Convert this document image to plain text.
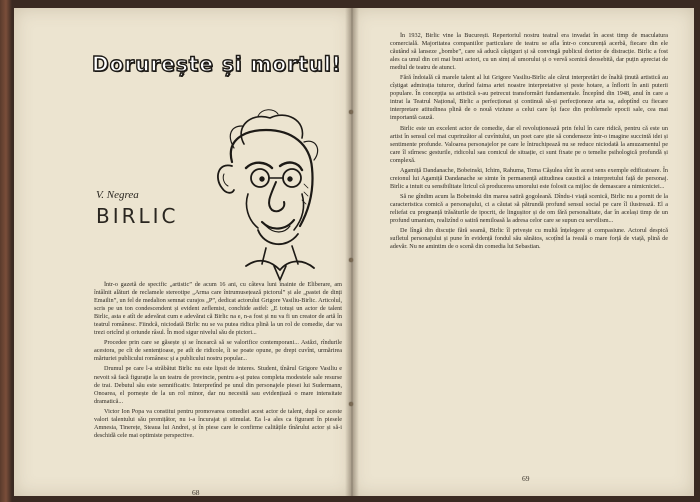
Dorurește și mortul!
V. Negrea
BIRLIC

Într-o gazetă de specific „artistic” de acum 16 ani, cu câteva luni înainte de Eliberare, am întâlnit alături de reclamele stereotipe „Arma care întrumusețează pictorul” și ale „pastei de dinți Emailin”, un fel de medalion semnat curajos „P”, dedicat actorului Grigore Vasiliu-Birlic. Articolul, scris pe un ton condescendent și evident zeflemist, conchide astfel: „E totuși un actor de talent Birlic, asta e atît de adevărat cum e adevărat că Birlic na e, n-a fost și nu va fi un creator de artă în teatrul românesc. Fiindcă, niciodată Birlic nu se va putea ridica plină la un rol de comedie, dar va trezi oricînd și oriunde râsul. În mod sigur nivelul său de pictori...

Procedee prin care se găsește și se încearcă să se valorifice contemporani... Astăzi, rîndurile acestora, pe cît de sentențioase, pe atît de ridicole, îi se poate opune, pe drept cuvînt, urmărirea mărturiei publicului românesc și a publicului nostru popular...

Drumul pe care l-a străbătut Birlic nu este lipsit de interes. Student, tînărul Grigore Vasiliu e nevoit să facă figurație la un teatru de provincie, pentru a-și putea completa modestele sale resurse de trai. Debutul său este semnificativ. Interpretînd pe unul din personajele piesei lui Sudermann, Onoarea, el pornește de la un rol minor, dar nu necesită sau evidențiază o mare intensitate dramatică...

Victor Ion Popa va constitui pentru promovarea comediei acest actor de talent, după ce aceste valori talentului său promițător, nu i-a încurajat și stimulat. Ea l-a ales ca figurant în piesele Amnesia, Tinerețe, Steaua lui Andrei, și în piese care le confirme calitățile tînărului actor și să-i deschidă cele mai optimiste perspective.

68

În 1932, Birlic vine la București. Repertoriul nostru teatral era invadat în acest timp de maculatura comercială. Majoritatea companiilor particulare de teatru se afla într-o concurență acerbă, fiecare din ele căutând să lanseze „bombe”, care să aducă câștiguri și să convingă publicul doritor de distracție. Birlic a fost ales ca unul din cei mai buni actori, cu un simț al umorului și o vervă scenică deosebită, dar puțin apreciat de mediul de teatru de atunci.

Fără îndoială că marele talent al lui Grigore Vasiliu-Birlic ale cărui interpretări de înaltă ținută artistică au cîștigat admirația tuturor, durînd faima artei noastre interpretative și peste hotare, a înflorit în anii puterii populare. În concepția sa artistică s-au petrecut transformări fundamentale. Începînd din 1948, anul în care a intrat la Teatrul Național, Birlic a perfecționat și continuă să-și perfecționeze arta sa, adoptînd cu fiecare interpretare atitudinea plină de o nouă viziune a celui care își face din problemele epocii sale, cea mai importantă cauză.

Birlic este un excelent actor de comedie, dar el revoluționează prin felul în care ridică, pentru că este un artist în sensul cel mai cuprinzător al cuvîntului, un poet care știe să condenseze într-o imagine succintă idei și sentimente profunde. Valoarea personajelor pe care le întruchipează nu se reduce niciodată la amuzamentul pe care îl stîrnesc gesturile, ridicolul sau comicul de situație, ci sunt fixate pe o temelie psihologică profundă și complexă.

Agamiță Dandanache, Bobeinski, Ichim, Rahuma, Toma Cășulea sînt în acest sens exemple edificatoare. În creionul lui Agamiță Dandanache se simte în permanență atitudinea caustică a interpretului față de personaj. Birlic a intuit cu sensibilitate liricul că producerea umorului este folosit ca mijloc de demascare a nimicniciei...

Să ne gîndim acum la Bobeinski din marea satiră gogoleană. Dîndu-i viață scenică, Birlic nu a pornit de la caracteristica comică a personajului, ci a căutat să pătrundă profund sensul social pe care îl ilustrează. El a reliefat cu pregnanță trăsăturile de ipocrit, de lingușitor și de om fără personalitate, dar în același timp de un profund umanism, realizînd o satiră nemiloasă la adresa celor care se supun cu servilism...

De lîngă din discuție fără seamă, Birlic îl privește cu multă înțelegere și compasiune. Actorul despică sufletul personajului și pune în evidență fondul său sănătos, scoțînd la iveală o mare forță de viață, plină de adevăr. Nu ne amintim de o scenă din comedia lui Sebastian.

69
